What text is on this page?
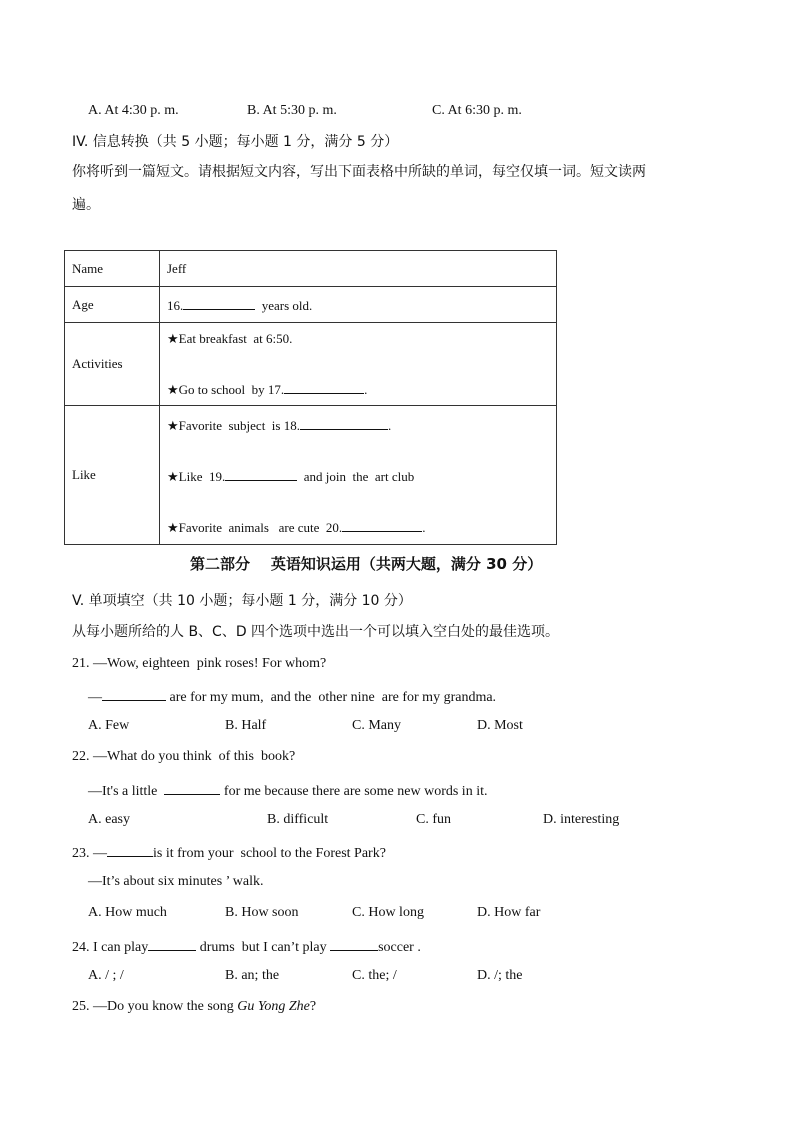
A. At 4:30 p. m.	B. At 5:30 p. m.	C. At 6:30 p. m.
IV. 信息转换（共 5 小题；每小题 1 分，满分 5 分）
你将听到一篇短文。请根据短文内容，写出下面表格中所缺的单词，每空仅填一词。短文读两
遍。
Name	Jeff
Age	16. years old.
Activities	★Eat breakfast  at 6:50.
★Go to school  by 17. .

Like	★Favorite  subject  is 18. .
★Like  19. and join  the  art club
★Favorite  animals   are cute  20. .
第二部分    英语知识运用（共两大题，满分 30 分）
V. 单项填空（共 10 小题；每小题 1 分，满分 10 分）
从每小题所给的人 B、C、D 四个选项中选出一个可以填入空白处的最佳选项。
21. —Wow, eighteen  pink roses! For whom?
—	are for my mum,  and the  other nine  are for my grandma.
A. Few	B. Half	C. Many	D. Most
22. —What do you think  of this  book?
—It's a little	for me because there are some new words in it.
A. easy	B. difficult	C. fun	D. interesting
23. —	is it from your  school to the Forest Park?
—It’s about six minutes ’ walk.
A. How much	B. How soon	C. How long	D. How far
24. I can play	drums  but I can’t play	soccer .
A. / ; /	B. an; the	C. the; /	D. /; the
25. —Do you know the song Gu Yong Zhe?
